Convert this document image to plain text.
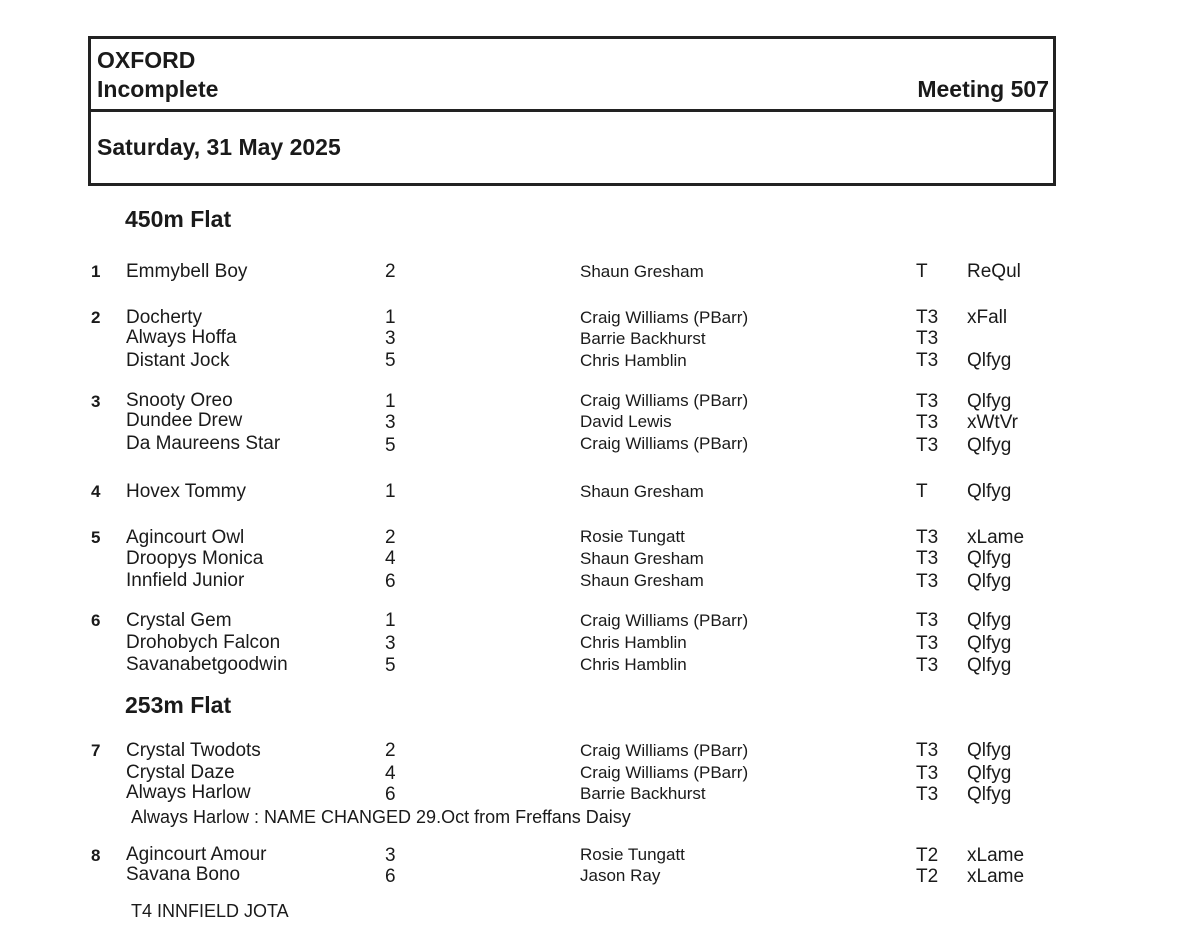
OXFORD
Incomplete	Meeting 507
Saturday, 31 May 2025
450m Flat
1 Emmybell Boy	2	Shaun Gresham	T ReQul
2 Docherty	1	Craig Williams (PBarr)	T3 xFall
Always Hoffa	3	Barrie Backhurst	T3
Distant Jock	5	Chris Hamblin	T3 Qlfyg
3 Snooty Oreo	1	Craig Williams (PBarr)	T3 Qlfyg
Dundee Drew	3	David Lewis	T3 xWtVr
Da Maureens Star	5	Craig Williams (PBarr)	T3 Qlfyg
4 Hovex Tommy	1	Shaun Gresham	T Qlfyg
5 Agincourt Owl	2	Rosie Tungatt	T3 xLame
Droopys Monica	4	Shaun Gresham	T3 Qlfyg
Innfield Junior	6	Shaun Gresham	T3 Qlfyg
6 Crystal Gem	1	Craig Williams (PBarr)	T3 Qlfyg
Drohobych Falcon	3	Chris Hamblin	T3 Qlfyg
Savanabetgoodwin	5	Chris Hamblin	T3 Qlfyg
253m Flat
7 Crystal Twodots	2	Craig Williams (PBarr)	T3 Qlfyg
Crystal Daze	4	Craig Williams (PBarr)	T3 Qlfyg
Always Harlow	6	Barrie Backhurst	T3 Qlfyg
Always Harlow : NAME CHANGED 29.Oct from Freffans Daisy
8 Agincourt Amour	3	Rosie Tungatt	T2 xLame
Savana Bono	6	Jason Ray	T2 xLame
T4 INNFIELD JOTA
